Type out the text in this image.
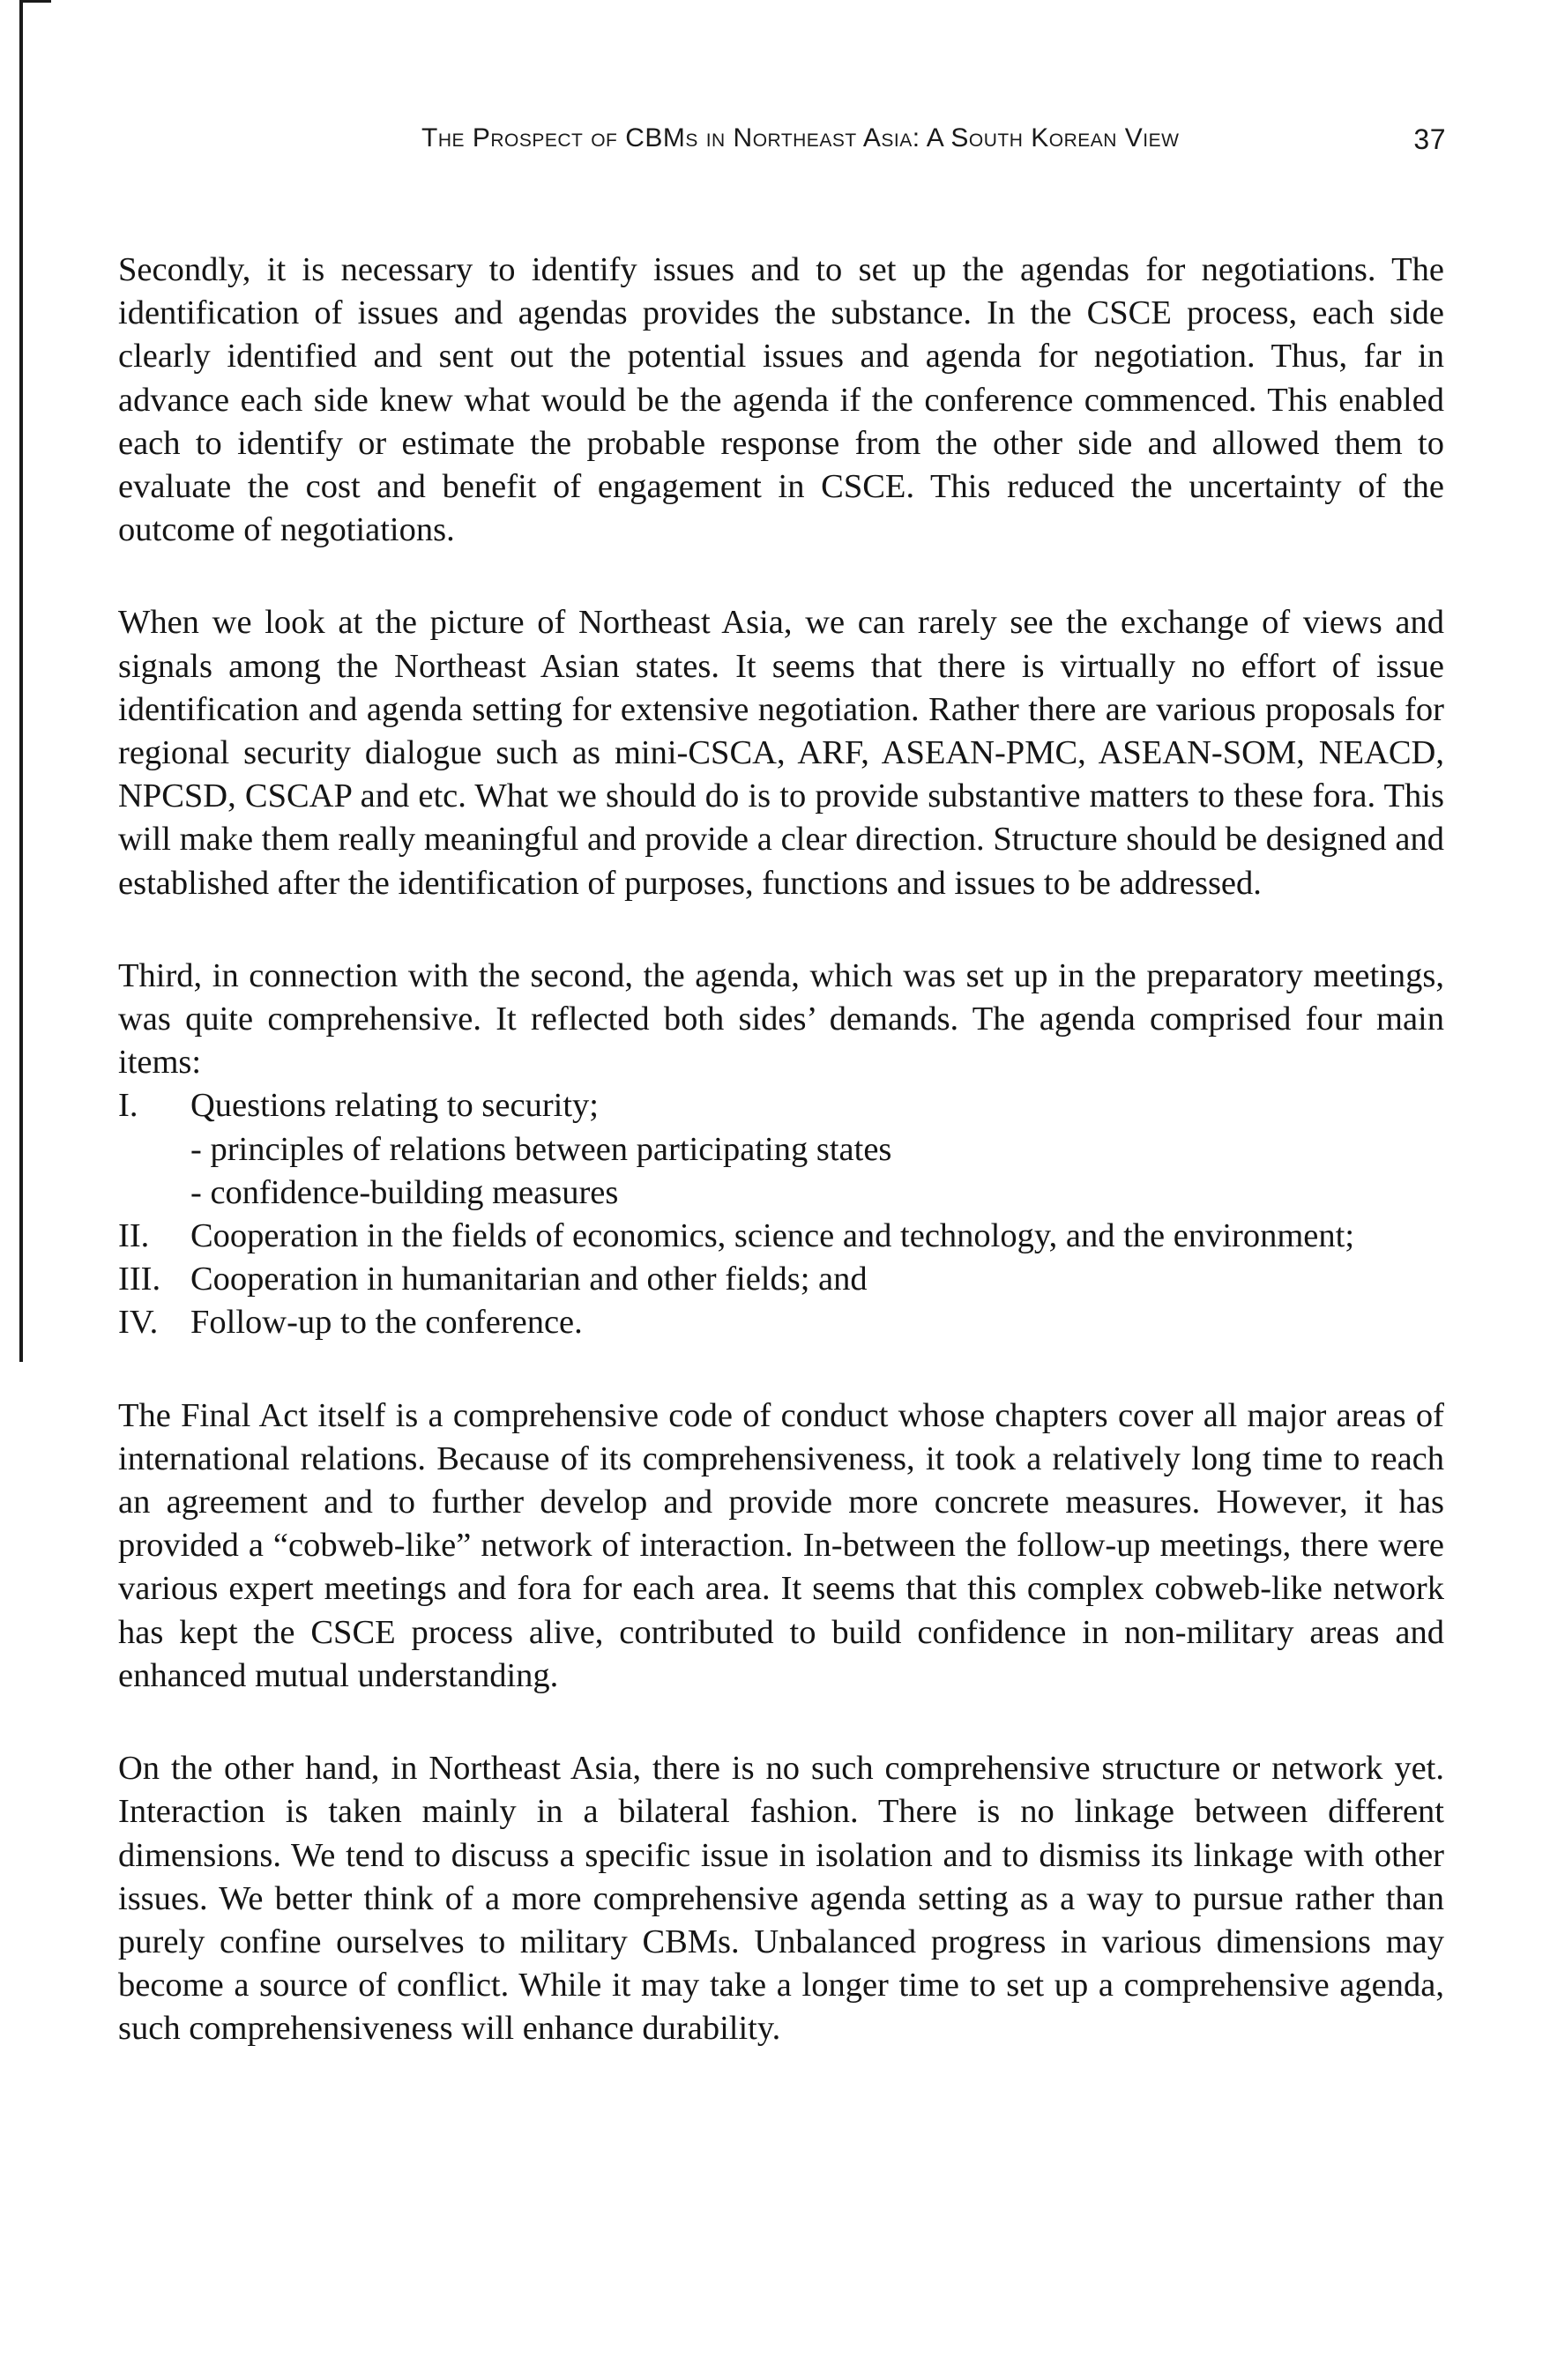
The Prospect of CBMs in Northeast Asia: A South Korean View	37

Secondly, it is necessary to identify issues and to set up the agendas for negotiations. The identification of issues and agendas provides the substance. In the CSCE process, each side clearly identified and sent out the potential issues and agenda for negotiation. Thus, far in advance each side knew what would be the agenda if the conference commenced. This enabled each to identify or estimate the probable response from the other side and allowed them to evaluate the cost and benefit of engagement in CSCE. This reduced the uncertainty of the outcome of negotiations.

When we look at the picture of Northeast Asia, we can rarely see the exchange of views and signals among the Northeast Asian states. It seems that there is virtually no effort of issue identification and agenda setting for extensive negotiation. Rather there are various proposals for regional security dialogue such as mini-CSCA, ARF, ASEAN-PMC, ASEAN-SOM, NEACD, NPCSD, CSCAP and etc. What we should do is to provide substantive matters to these fora. This will make them really meaningful and provide a clear direction. Structure should be designed and established after the identification of purposes, functions and issues to be addressed.

Third, in connection with the second, the agenda, which was set up in the preparatory meetings, was quite comprehensive. It reflected both sides’ demands. The agenda comprised four main items:

I.	Questions relating to security;
- principles of relations between participating states
- confidence-building measures
II.	Cooperation in the fields of economics, science and technology, and the environment;
III. Cooperation in humanitarian and other fields; and
IV. Follow-up to the conference.

The Final Act itself is a comprehensive code of conduct whose chapters cover all major areas of international relations. Because of its comprehensiveness, it took a relatively long time to reach an agreement and to further develop and provide more concrete measures. However, it has provided a “cobweb-like” network of interaction. In-between the follow-up meetings, there were various expert meetings and fora for each area. It seems that this complex cobweb-like network has kept the CSCE process alive, contributed to build confidence in non-military areas and enhanced mutual understanding.

On the other hand, in Northeast Asia, there is no such comprehensive structure or network yet. Interaction is taken mainly in a bilateral fashion. There is no linkage between different dimensions. We tend to discuss a specific issue in isolation and to dismiss its linkage with other issues. We better think of a more comprehensive agenda setting as a way to pursue rather than purely confine ourselves to military CBMs. Unbalanced progress in various dimensions may become a source of conflict. While it may take a longer time to set up a comprehensive agenda, such comprehensiveness will enhance durability.
